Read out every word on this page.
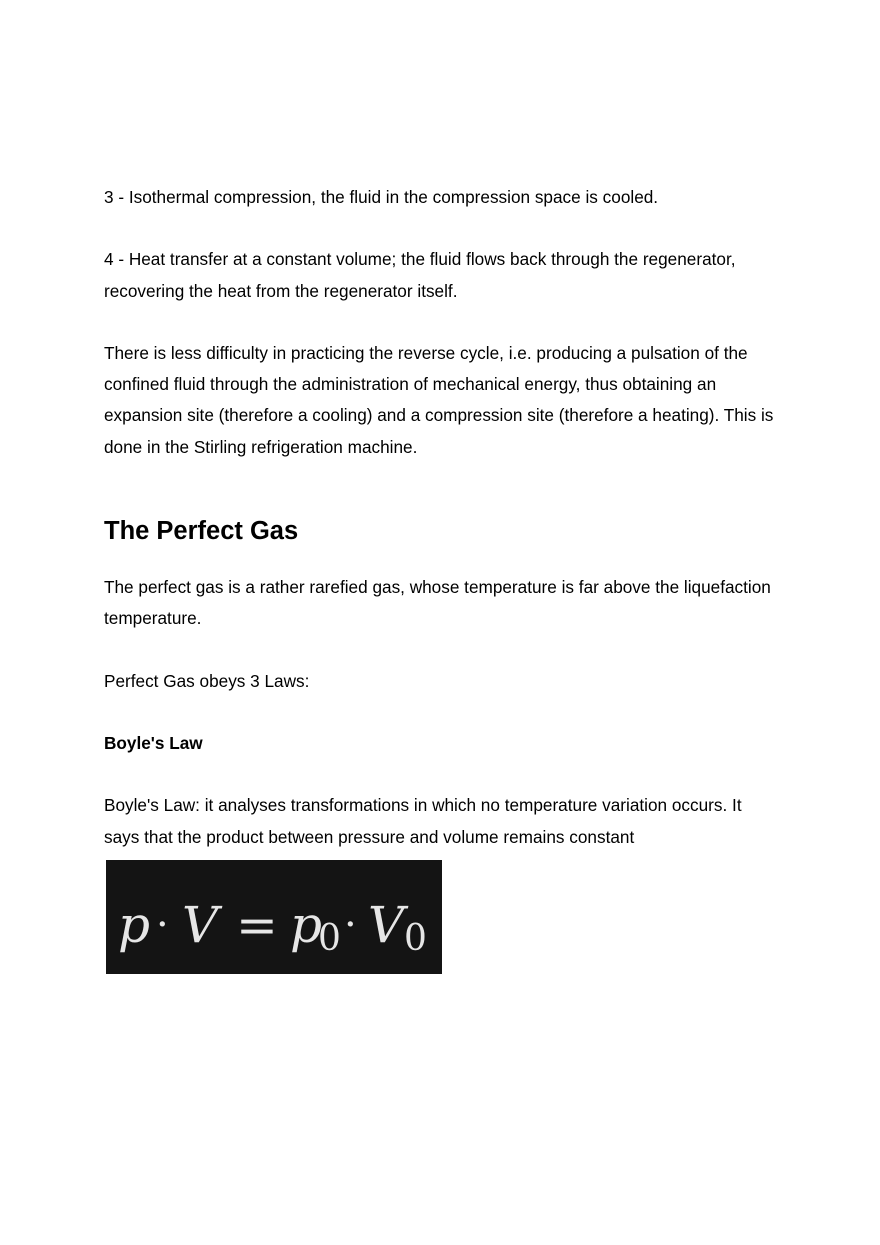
3 - Isothermal compression, the fluid in the compression space is cooled.

4 - Heat transfer at a constant volume; the fluid flows back through the regenerator, recovering the heat from the regenerator itself.

There is less difficulty in practicing the reverse cycle, i.e. producing a pulsation of the confined fluid through the administration of mechanical energy, thus obtaining an expansion site (therefore a cooling) and a compression site (therefore a heating). This is done in the Stirling refrigeration machine.

The Perfect Gas

The perfect gas is a rather rarefied gas, whose temperature is far above the liquefaction temperature.

Perfect Gas obeys 3 Laws:

Boyle's Law

Boyle's Law: it analyses transformations in which no temperature variation occurs. It says that the product between pressure and volume remains constant

p · V = p
0 · V 0
